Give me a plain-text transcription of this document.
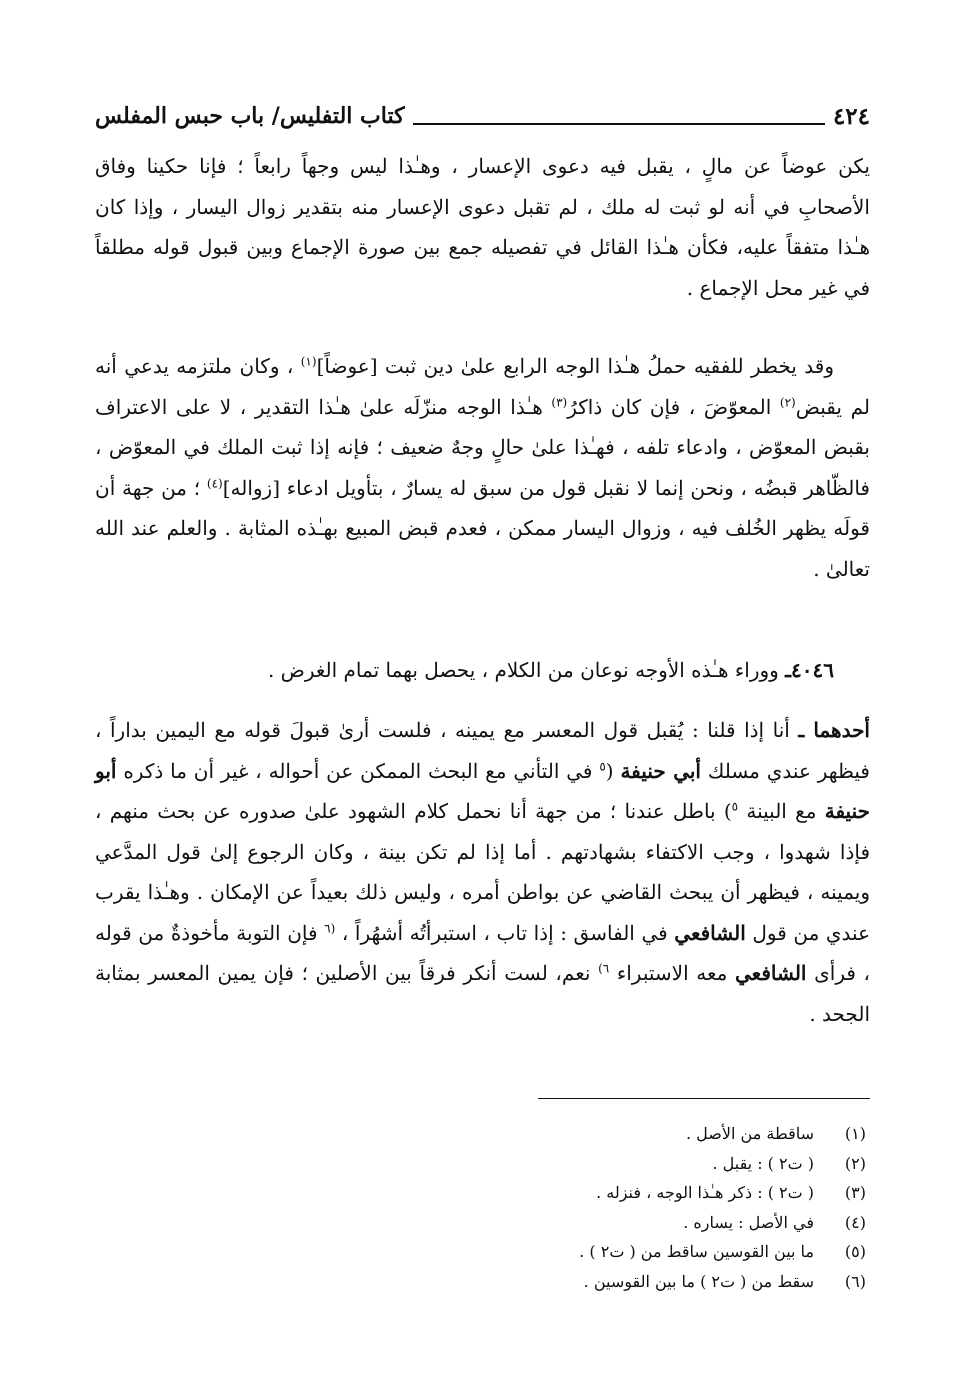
٤٢٤
كتاب التفليس/ باب حبس المفلس
يكن عوضاً عن مالٍ ، يقبل فيه دعوى الإعسار ، وهـٰذا ليس وجهاً رابعاً ؛ فإنا حكينا وفاق الأصحابِ في أنه لو ثبت له ملك ، لم تقبل دعوى الإعسار منه بتقدير زوال اليسار ، وإذا كان هـٰذا متفقاً عليه، فكأن هـٰذا القائل في تفصيله جمع بين صورة الإجماع وبين قبول قوله مطلقاً في غير محل الإجماع .
وقد يخطر للفقيه حملُ هـٰذا الوجه الرابع علىٰ دين ثبت [عوضاً]$^{(١)}$ ، وكان ملتزمه يدعي أنه لم يقبض$^{(٢)}$ المعوّضَ ، فإن كان ذاكرُ$^{(٣)}$ هـٰذا الوجه منزّلَه علىٰ هـٰذا التقدير ، لا على الاعتراف بقبض المعوّض ، وادعاء تلفه ، فهـٰذا علىٰ حالٍ وجهٌ ضعيف ؛ فإنه إذا ثبت الملك في المعوّض ، فالظّاهر قبضُه ، ونحن إنما لا نقبل قول من سبق له يسارٌ ، بتأويل ادعاء [زواله]$^{(٤)}$ ؛ من جهة أن قولَه يظهر الخُلف فيه ، وزوال اليسار ممكن ، فعدم قبض المبيع بهـٰذه المثابة . والعلم عند الله تعالىٰ .
٤٠٤٦ـ ووراء هـٰذه الأوجه نوعان من الكلام ، يحصل بهما تمام الغرض .
أحدهما ـ أنا إذا قلنا : يُقبل قول المعسر مع يمينه ، فلست أرىٰ قبولَ قوله مع اليمين بداراً ، فيظهر عندي مسلك أبي حنيفة ($^٥$ في التأني مع البحث الممكن عن أحواله ، غير أن ما ذكره أبو حنيفة مع البينة $^٥$) باطل عندنا ؛ من جهة أنا نحمل كلام الشهود علىٰ صدوره عن بحث منهم ، فإذا شهدوا ، وجب الاكتفاء بشهادتهم . أما إذا لم تكن بينة ، وكان الرجوع إلىٰ قول المدَّعي ويمينه ، فيظهر أن يبحث القاضي عن بواطن أمره ، وليس ذلك بعيداً عن الإمكان . وهـٰذا يقرب عندي من قول الشافعي في الفاسق : إذا تاب ، استبرأتُه أشهُراً ، $^{(٦}$ فإن التوبة مأخوذةٌ من قوله ، فرأى الشافعي معه الاستبراء $^{٦)}$ نعم، لست أنكر فرقاً بين الأصلين ؛ فإن يمين المعسر بمثابة الجحد .
(١)
ساقطة من الأصل .
(٢)
( ت٢ ) : يقبل .
(٣)
( ت٢ ) : ذكر هـٰذا الوجه ، فنزله .
(٤)
في الأصل : يساره .
(٥)
ما بين القوسين ساقط من ( ت٢ ) .
(٦)
سقط من ( ت٢ ) ما بين القوسين .
